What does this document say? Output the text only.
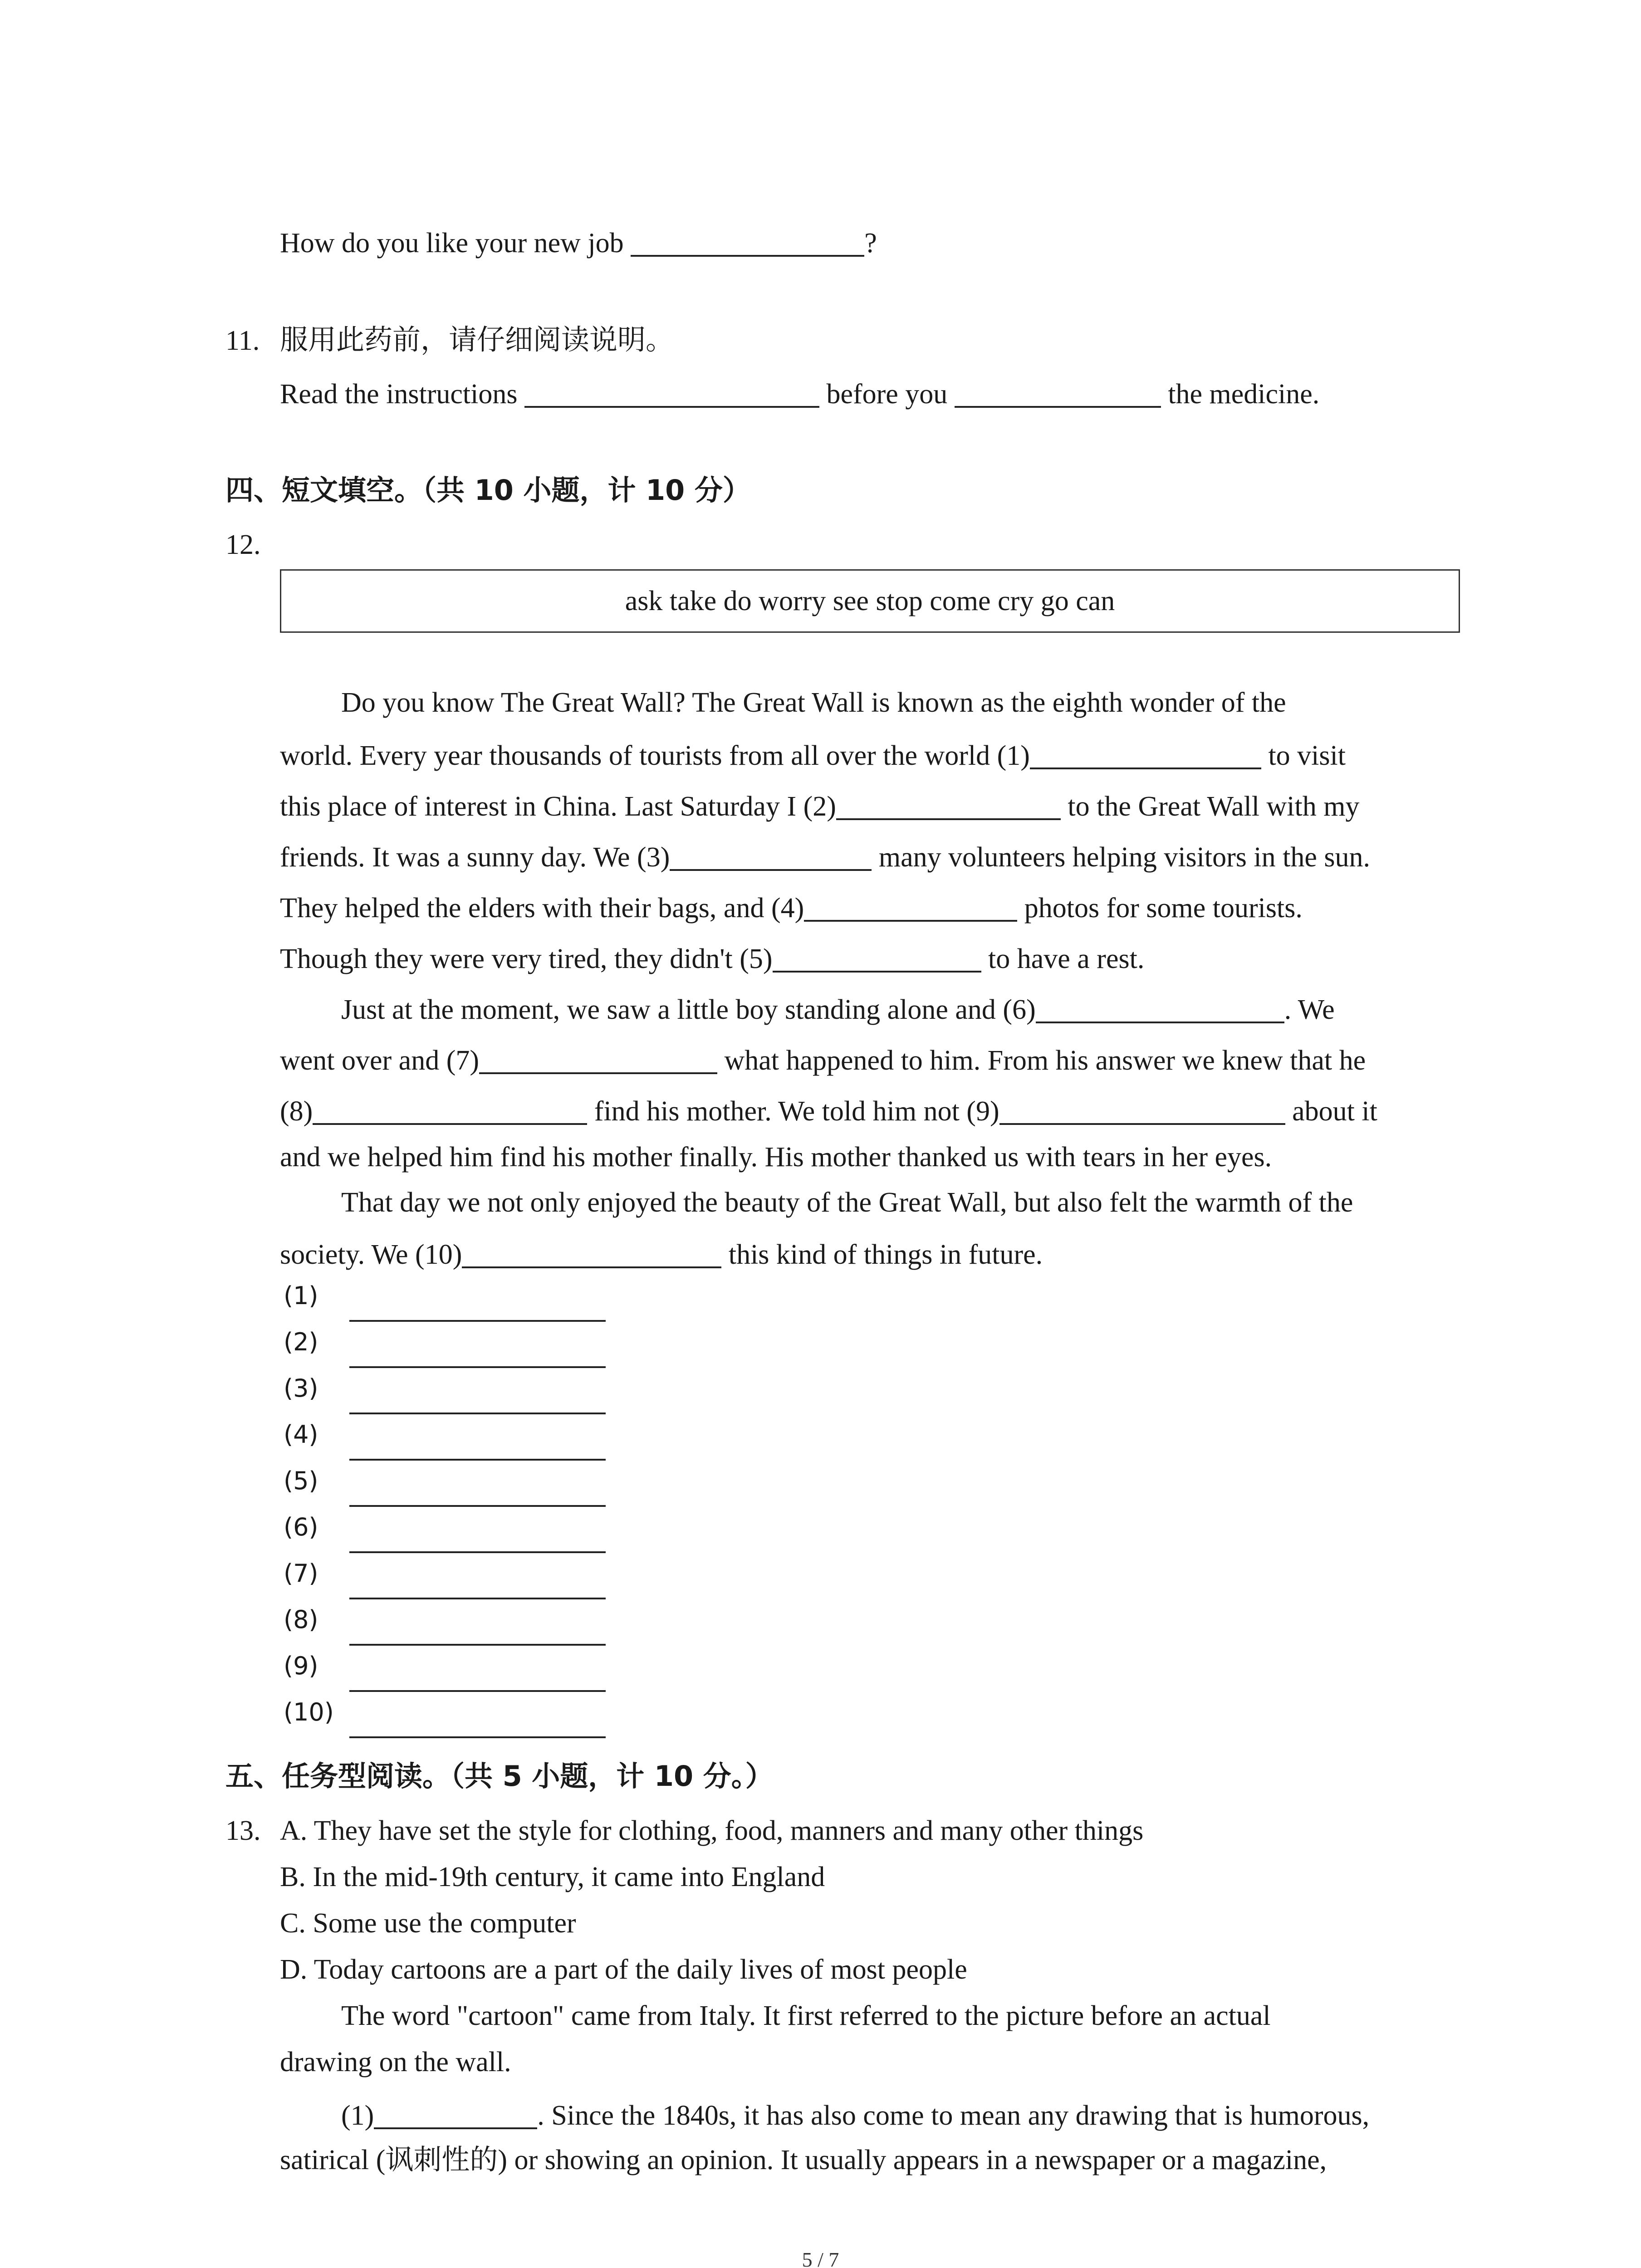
How do you like your new job	?
11. 服用此药前，请仔细阅读说明。
Read the instructions	before you	the medicine.
四、短文填空。（共 10 小题，计 10 分）
12.
ask take do worry see stop come cry go can
Do you know The Great Wall? The Great Wall is known as the eighth wonder of the
world. Every year thousands of tourists from all over the world (1)	to visit
this place of interest in China. Last Saturday I (2)	to the Great Wall with my
friends. It was a sunny day. We (3)	many volunteers helping visitors in the sun.
They helped the elders with their bags, and (4)	photos for some tourists.
Though they were very tired, they didn't (5)	to have a rest.
Just at the moment, we saw a little boy standing alone and (6)	. We
went over and (7)	what happened to him. From his answer we knew that he
(8)	find his mother. We told him not (9)	about it
and we helped him find his mother finally. His mother thanked us with tears in her eyes.
That day we not only enjoyed the beauty of the Great Wall, but also felt the warmth of the
society. We (10)	this kind of things in future.
(1)
(2)
(3)
(4)
(5)
(6)
(7)
(8)
(9)
(10)
五、任务型阅读。（共 5 小题，计 10 分。）
13. A. They have set the style for clothing, food, manners and many other things
B. In the mid-19th century, it came into England
C. Some use the computer
D. Today cartoons are a part of the daily lives of most people
The word "cartoon" came from Italy. It first referred to the picture before an actual
drawing on the wall.
(1)	. Since the 1840s, it has also come to mean any drawing that is humorous,
satirical (讽刺性的) or showing an opinion. It usually appears in a newspaper or a magazine,
5 / 7
